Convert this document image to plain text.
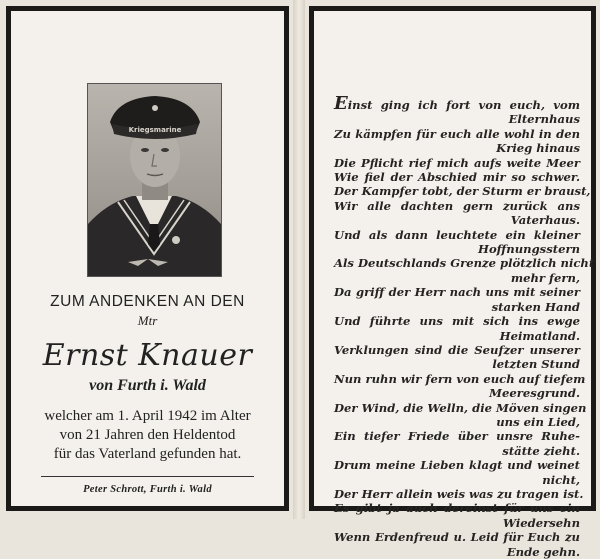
Kriegsmarine
ZUM ANDENKEN AN DEN
Mtr
Ernst Knauer
von Furth i. Wald
welcher am 1. April 1942 im Alter
von 21 Jahren den Heldentod
für das Vaterland gefunden hat.
Peter Schrott, Furth i. Wald
Einst ging ich fort von euch, vom
Elternhaus
Zu kämpfen für euch alle wohl in den
Krieg hinaus
Die Pflicht rief mich aufs weite Meer
Wie fiel der Abschied mir so schwer.
Der Kampfer tobt, der Sturm er braust,
Wir alle dachten gern zurück ans
Vaterhaus.
Und als dann leuchtete ein kleiner
Hoffnungsstern
Als Deutschlands Grenze plötzlich nicht
mehr fern,
Da griff der Herr nach uns mit seiner
starken Hand
Und führte uns mit sich ins ewge
Heimatland.
Verklungen sind die Seufzer unserer
letzten Stund
Nun ruhn wir fern von euch auf tiefem
Meeresgrund.
Der Wind, die Welln, die Möven singen
uns ein Lied,
Ein tiefer Friede über unsre Ruhe-
stätte zieht.
Drum meine Lieben klagt und weinet
nicht,
Der Herr allein weis was zu tragen ist.
Es gibt ja auch dereinst für uns ein
Wiedersehn
Wenn Erdenfreud u. Leid für Euch zu
Ende gehn.
